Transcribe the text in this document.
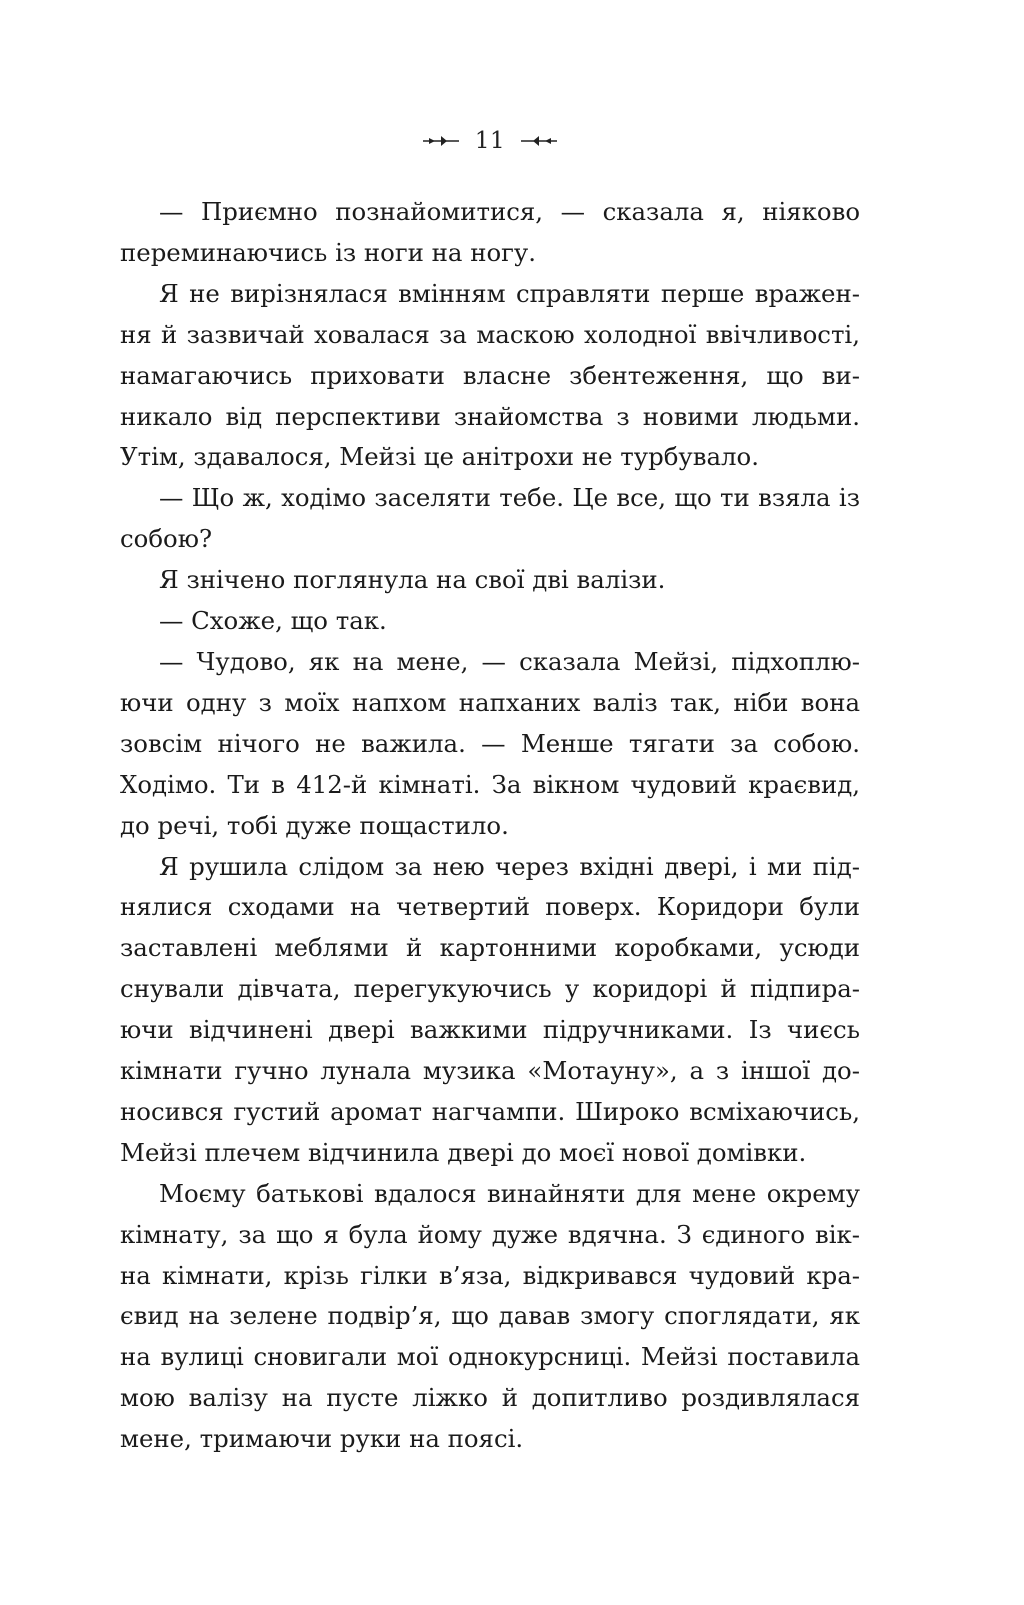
11

— Приємно познайомитися, — сказала я, ніяково переминаючись із ноги на ногу.

Я не вирізнялася вмінням справляти перше враження й зазвичай ховалася за маскою холодної ввічливості, намагаючись приховати власне збентеження, що виникало від перспективи знайомства з новими людьми. Утім, здавалося, Мейзі це анітрохи не турбувало.

— Що ж, ходімо заселяти тебе. Це все, що ти взяла із собою?

Я знічено поглянула на свої дві валізи.

— Схоже, що так.

— Чудово, як на мене, — сказала Мейзі, підхоплюючи одну з моїх напхом напханих валіз так, ніби вона зовсім нічого не важила. — Менше тягати за собою. Ходімо. Ти в 412-й кімнаті. За вікном чудовий краєвид, до речі, тобі дуже пощастило.

Я рушила слідом за нею через вхідні двері, і ми піднялися сходами на четвертий поверх. Коридори були заставлені меблями й картонними коробками, усюди снували дівчата, перегукуючись у коридорі й підпираючи відчинені двері важкими підручниками. Із чиєсь кімнати гучно лунала музика «Мотауну», а з іншої доносився густий аромат нагчампи. Широко всміхаючись, Мейзі плечем відчинила двері до моєї нової домівки.

Моєму батькові вдалося винайняти для мене окрему кімнату, за що я була йому дуже вдячна. З єдиного вікна кімнати, крізь гілки в’яза, відкривався чудовий краєвид на зелене подвір’я, що давав змогу споглядати, як на вулиці сновигали мої однокурсниці. Мейзі поставила мою валізу на пусте ліжко й допитливо роздивлялася мене, тримаючи руки на поясі.
